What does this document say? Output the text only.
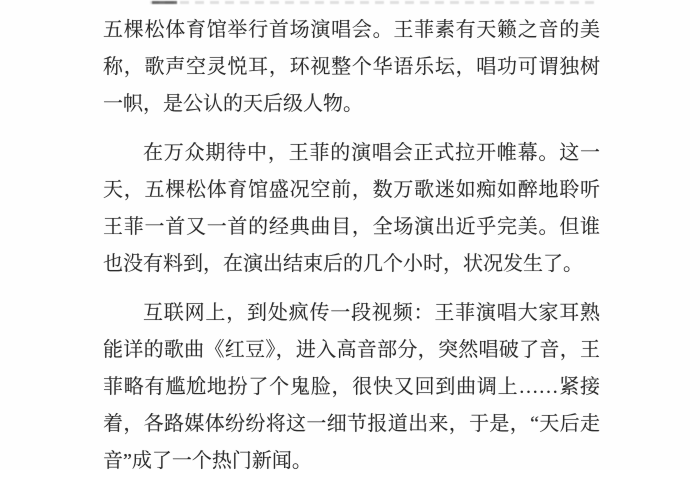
五棵松体育馆举行首场演唱会。王菲素有天籁之音的美称，歌声空灵悦耳，环视整个华语乐坛，唱功可谓独树一帜，是公认的天后级人物。

在万众期待中，王菲的演唱会正式拉开帷幕。这一天，五棵松体育馆盛况空前，数万歌迷如痴如醉地聆听王菲一首又一首的经典曲目，全场演出近乎完美。但谁也没有料到，在演出结束后的几个小时，状况发生了。

互联网上，到处疯传一段视频：王菲演唱大家耳熟能详的歌曲《红豆》，进入高音部分，突然唱破了音，王菲略有尴尬地扮了个鬼脸，很快又回到曲调上……紧接着，各路媒体纷纷将这一细节报道出来，于是，“天后走音”成了一个热门新闻。
